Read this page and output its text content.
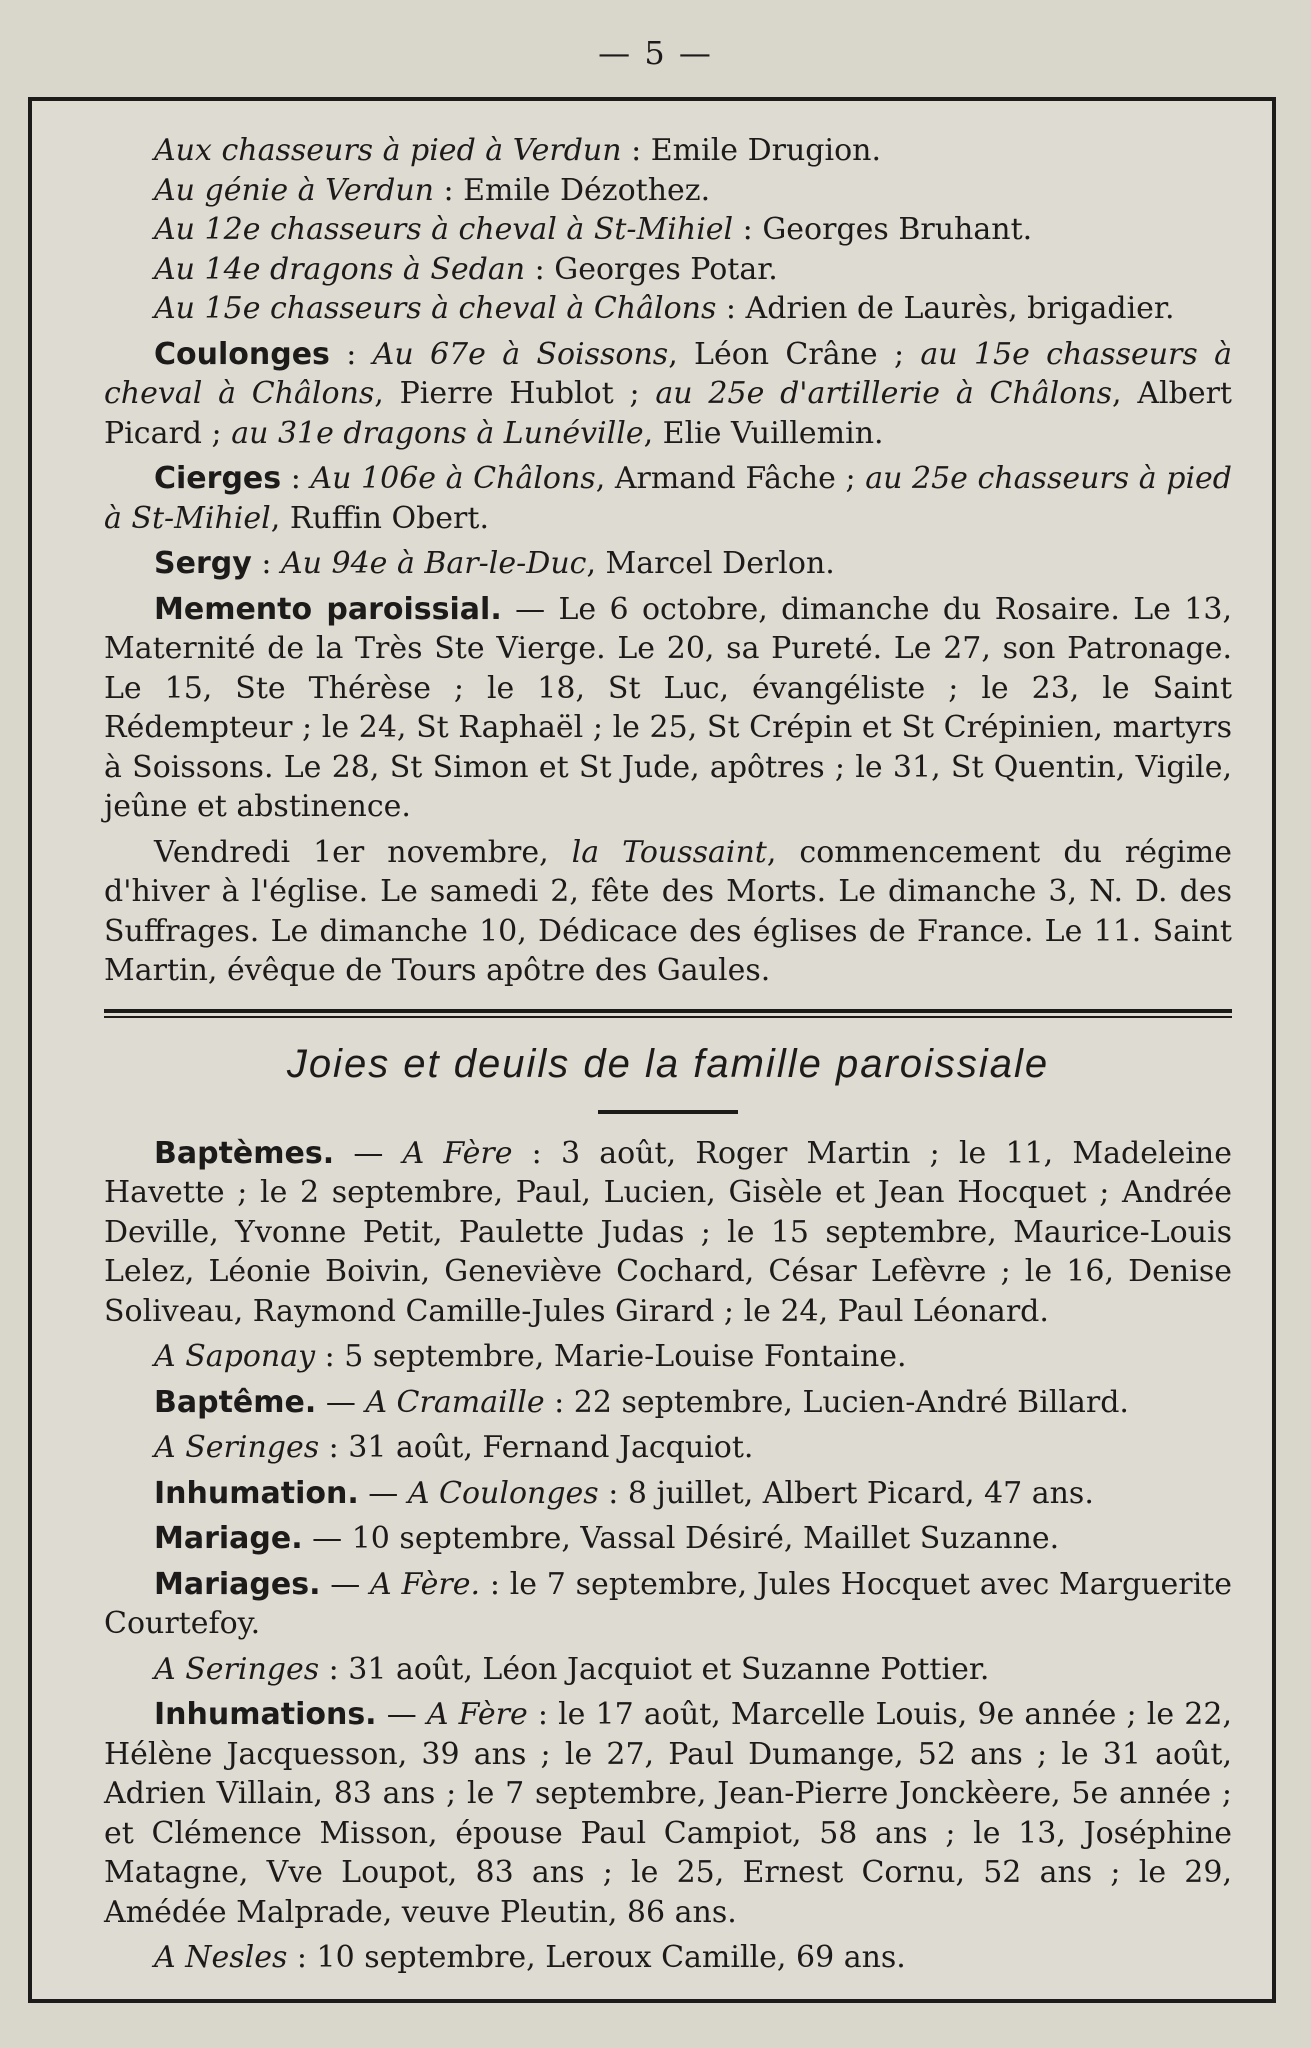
— 5 —

Aux chasseurs à pied à Verdun : Emile Drugion.

Au génie à Verdun : Emile Dézothez.

Au 12e chasseurs à cheval à St-Mihiel : Georges Bruhant.

Au 14e dragons à Sedan : Georges Potar.

Au 15e chasseurs à cheval à Châlons : Adrien de Laurès, brigadier.

Coulonges : Au 67e à Soissons, Léon Crâne ; au 15e chasseurs à cheval à Châlons, Pierre Hublot ; au 25e d'artillerie à Châlons, Albert Picard ; au 31e dragons à Lunéville, Elie Vuillemin.

Cierges : Au 106e à Châlons, Armand Fâche ; au 25e chasseurs à pied à St-Mihiel, Ruffin Obert.

Sergy : Au 94e à Bar-le-Duc, Marcel Derlon.

Memento paroissial. — Le 6 octobre, dimanche du Rosaire. Le 13, Maternité de la Très Ste Vierge. Le 20, sa Pureté. Le 27, son Patronage. Le 15, Ste Thérèse ; le 18, St Luc, évangéliste ; le 23, le Saint Rédempteur ; le 24, St Raphaël ; le 25, St Crépin et St Crépinien, martyrs à Soissons. Le 28, St Simon et St Jude, apôtres ; le 31, St Quentin, Vigile, jeûne et abstinence.

Vendredi 1er novembre, la Toussaint, commencement du régime d'hiver à l'église. Le samedi 2, fête des Morts. Le dimanche 3, N. D. des Suffrages. Le dimanche 10, Dédicace des églises de France. Le 11. Saint Martin, évêque de Tours apôtre des Gaules.

Joies et deuils de la famille paroissiale

Baptèmes. — A Fère : 3 août, Roger Martin ; le 11, Madeleine Havette ; le 2 septembre, Paul, Lucien, Gisèle et Jean Hocquet ; Andrée Deville, Yvonne Petit, Paulette Judas ; le 15 septembre, Maurice-Louis Lelez, Léonie Boivin, Geneviève Cochard, César Lefèvre ; le 16, Denise Soliveau, Raymond Camille-Jules Girard ; le 24, Paul Léonard.

A Saponay : 5 septembre, Marie-Louise Fontaine.

Baptême. — A Cramaille : 22 septembre, Lucien-André Billard.

A Seringes : 31 août, Fernand Jacquiot.

Inhumation. — A Coulonges : 8 juillet, Albert Picard, 47 ans.

Mariage. — 10 septembre, Vassal Désiré, Maillet Suzanne.

Mariages. — A Fère. : le 7 septembre, Jules Hocquet avec Marguerite Courtefoy.

A Seringes : 31 août, Léon Jacquiot et Suzanne Pottier.

Inhumations. — A Fère : le 17 août, Marcelle Louis, 9e année ; le 22, Hélène Jacquesson, 39 ans ; le 27, Paul Dumange, 52 ans ; le 31 août, Adrien Villain, 83 ans ; le 7 septembre, Jean-Pierre Jonckèere, 5e année ; et Clémence Misson, épouse Paul Campiot, 58 ans ; le 13, Joséphine Matagne, Vve Loupot, 83 ans ; le 25, Ernest Cornu, 52 ans ; le 29, Amédée Malprade, veuve Pleutin, 86 ans.

A Nesles : 10 septembre, Leroux Camille, 69 ans.
